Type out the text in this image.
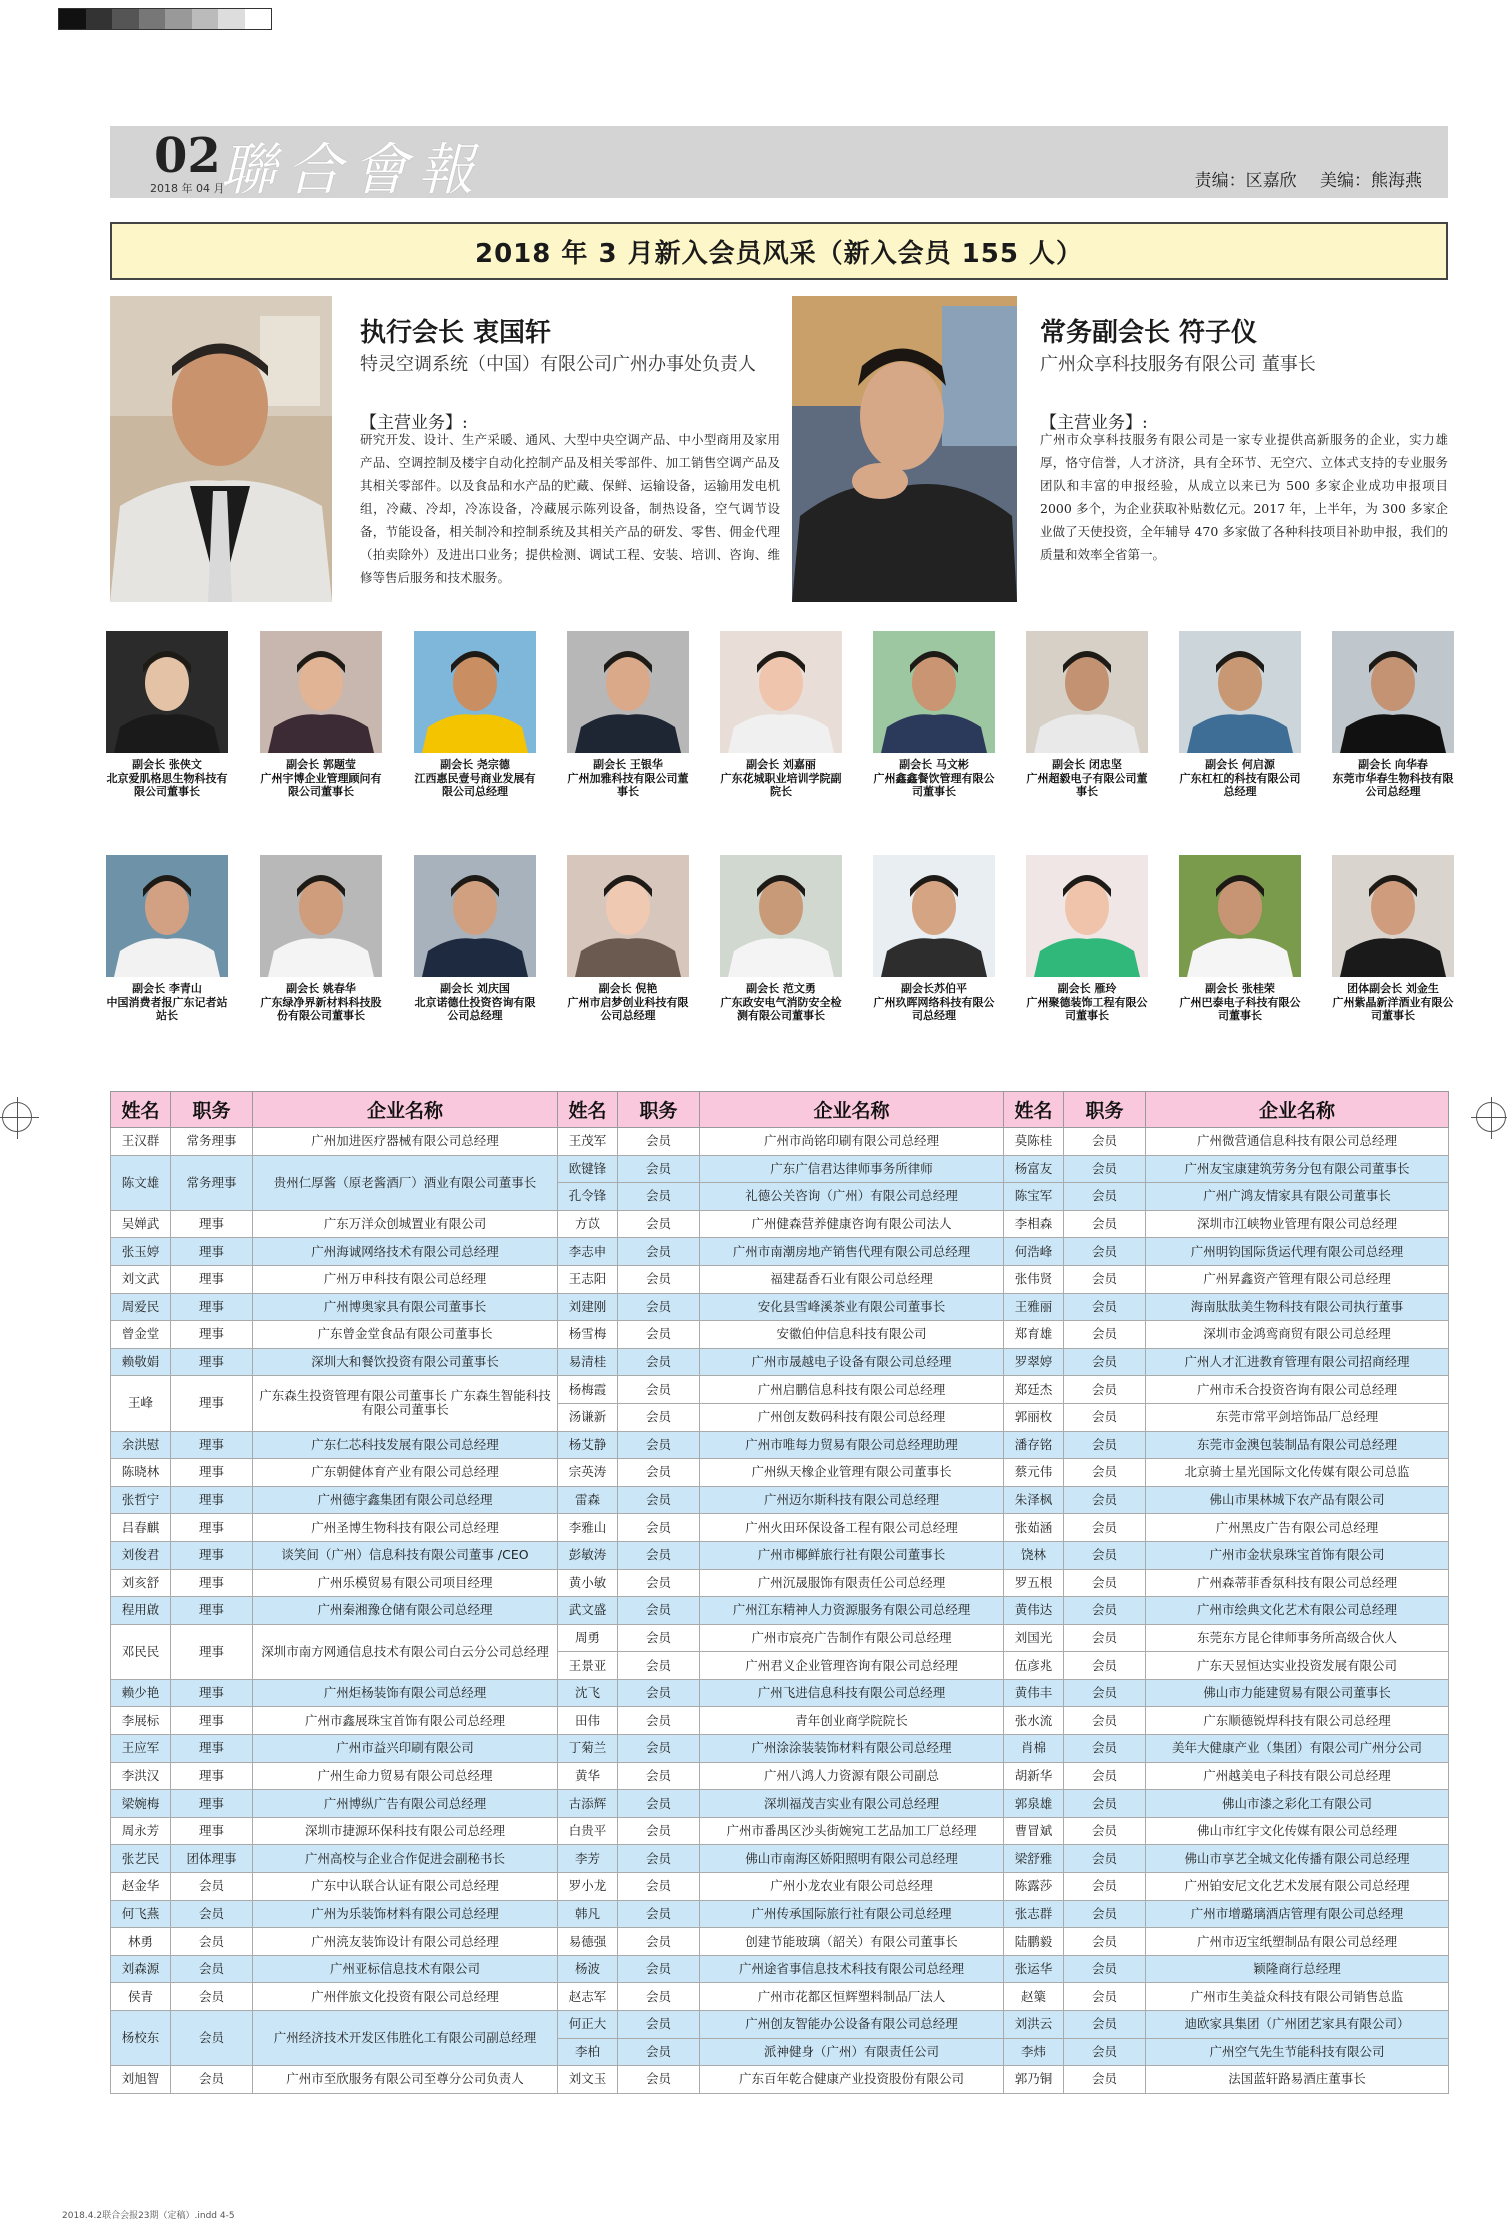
02
2018 年 04 月
聯合會報	责编：区嘉欣 美编：熊海燕
2018 年 3 月新入会员风采（新入会员 155 人）
执行会长 衷国轩
特灵空调系统（中国）有限公司广州办事处负责人
【主营业务】:
研究开发、设计、生产采暖、通风、大型中央空调产品、中小型商用及家用产品、空调控制及楼宇自动化控制产品及相关零部件、加工销售空调产品及其相关零部件。以及食品和水产品的贮藏、保鲜、运输设备，运输用发电机组，冷藏、冷却，冷冻设备，冷藏展示陈列设备，制热设备，空气调节设备，节能设备，相关制冷和控制系统及其相关产品的研发、零售、佣金代理（拍卖除外）及进出口业务；提供检测、调试工程、安装、培训、咨询、维修等售后服务和技术服务。
常务副会长 符子仪
广州众享科技服务有限公司 董事长
【主营业务】:
广州市众享科技服务有限公司是一家专业提供高新服务的企业，实力雄厚，恪守信誉，人才济济，具有全环节、无空穴、立体式支持的专业服务团队和丰富的申报经验，从成立以来已为 500 多家企业成功申报项目 2000 多个，为企业获取补贴数亿元。2017 年，上半年，为 300 多家企业做了天使投资，全年辅导 470 多家做了各种科技项目补助申报，我们的质量和效率全省第一。
副会长 张侠文
北京爱肌格思生物科技有限公司董事长
副会长 郭题莹
广州宇博企业管理顾问有限公司董事长
副会长 尧宗德
江西惠民壹号商业发展有限公司总经理
副会长 王银华
广州加雅科技有限公司董事长
副会长 刘嘉丽
广东花城职业培训学院副院长
副会长 马文彬
广州鑫鑫餐饮管理有限公司董事长
副会长 闭忠坚
广州超毅电子有限公司董事长
副会长 何启源
广东杠杠的科技有限公司总经理
副会长 向华春
东莞市华春生物科技有限公司总经理
副会长 李青山
中国消费者报广东记者站站长
副会长 姚春华
广东绿净界新材料科技股份有限公司董事长
副会长 刘庆国
北京诺德仕投资咨询有限公司总经理
副会长 倪艳
广州市启梦创业科技有限公司总经理
副会长 范文勇
广东政安电气消防安全检测有限公司董事长
副会长苏伯平
广州玖晖网络科技有限公司总经理
副会长 雁玲
广州聚德装饰工程有限公司董事长
副会长 张桂荣
广州巴泰电子科技有限公司董事长
团体副会长 刘金生
广州紫晶新洋酒业有限公司董事长
姓名	职务	企业名称	姓名	职务	企业名称	姓名	职务	企业名称
王汉群	常务理事	广州加进医疗器械有限公司总经理	王茂军	会员	广州市尚铭印刷有限公司总经理	莫陈桂	会员	广州微营通信息科技有限公司总经理
陈文雄	常务理事	贵州仁厚酱（原老酱酒厂）酒业有限公司董事长	欧键锋	会员	广东广信君达律师事务所律师	杨富友	会员	广州友宝康建筑劳务分包有限公司董事长
			孔令锋	会员	礼德公关咨询（广州）有限公司总经理	陈宝军	会员	广州广鸿友情家具有限公司董事长
吴婵武	理事	广东万洋众创城置业有限公司	方苡	会员	广州健森营养健康咨询有限公司法人	李相森	会员	深圳市江峡物业管理有限公司总经理
张玉婷	理事	广州海诚网络技术有限公司总经理	李志申	会员	广州市南潮房地产销售代理有限公司总经理	何浩峰	会员	广州明钧国际货运代理有限公司总经理
刘文武	理事	广州万申科技有限公司总经理	王志阳	会员	福建磊香石业有限公司总经理	张伟贤	会员	广州昇鑫资产管理有限公司总经理
周爱民	理事	广州博奥家具有限公司董事长	刘建刚	会员	安化县雪峰溪茶业有限公司董事长	王雅丽	会员	海南肽肽美生物科技有限公司执行董事
曾金堂	理事	广东曾金堂食品有限公司董事长	杨雪梅	会员	安徽伯仲信息科技有限公司	郑育雄	会员	深圳市金鸿鸾商贸有限公司总经理
赖敬娟	理事	深圳大和餐饮投资有限公司董事长	易清桂	会员	广州市晟越电子设备有限公司总经理	罗翠婷	会员	广州人才汇进教育管理有限公司招商经理
王峰	理事	广东森生投资管理有限公司董事长 广东森生智能科技有限公司董事长	杨梅霞	会员	广州启鹏信息科技有限公司总经理	郑廷杰	会员	广州市禾合投资咨询有限公司总经理
			汤谦新	会员	广州创友数码科技有限公司总经理	郭丽枚	会员	东莞市常平剑培饰品厂总经理
余洪慰	理事	广东仁芯科技发展有限公司总经理	杨艾静	会员	广州市唯每力贸易有限公司总经理助理	潘存铭	会员	东莞市金澳包装制品有限公司总经理
陈晓林	理事	广东朝健体育产业有限公司总经理	宗英涛	会员	广州纵天橡企业管理有限公司董事长	蔡元伟	会员	北京骑士星光国际文化传媒有限公司总监
张哲宁	理事	广州德宇鑫集团有限公司总经理	雷森	会员	广州迈尔斯科技有限公司总经理	朱泽枫	会员	佛山市果林城下农产品有限公司
吕春麒	理事	广州圣博生物科技有限公司总经理	李雅山	会员	广州火田环保设备工程有限公司总经理	张茹涵	会员	广州黑皮广告有限公司总经理
刘俊君	理事	谈笑间（广州）信息科技有限公司董事 /CEO	彭敏涛	会员	广州市椰鲜旅行社有限公司董事长	饶林	会员	广州市金状泉珠宝首饰有限公司
刘亥舒	理事	广州乐模贸易有限公司项目经理	黄小敏	会员	广州沉晟服饰有限责任公司总经理	罗五根	会员	广州森蒂菲香氛科技有限公司总经理
程用啟	理事	广州秦湘豫仓储有限公司总经理	武文盛	会员	广州江东精神人力资源服务有限公司总经理	黄伟达	会员	广州市绘典文化艺术有限公司总经理
邓民民	理事	深圳市南方网通信息技术有限公司白云分公司总经理	周勇	会员	广州市宸亮广告制作有限公司总经理	刘国光	会员	东莞东方昆仑律师事务所高级合伙人
			王景亚	会员	广州君义企业管理咨询有限公司总经理	伍彦兆	会员	广东天昱恒达实业投资发展有限公司
赖少艳	理事	广州炬杨装饰有限公司总经理	沈飞	会员	广州飞进信息科技有限公司总经理	黄伟丰	会员	佛山市力能建贸易有限公司董事长
李展标	理事	广州市鑫展珠宝首饰有限公司总经理	田伟	会员	青年创业商学院院长	张水流	会员	广东顺德锐焊科技有限公司总经理
王应军	理事	广州市益兴印刷有限公司	丁菊兰	会员	广州涂涂装装饰材料有限公司总经理	肖棉	会员	美年大健康产业（集团）有限公司广州分公司
李洪汉	理事	广州生命力贸易有限公司总经理	黄华	会员	广州八鸿人力资源有限公司副总	胡新华	会员	广州越美电子科技有限公司总经理
梁婉梅	理事	广州博纵广告有限公司总经理	古添辉	会员	深圳福茂吉实业有限公司总经理	郭泉雄	会员	佛山市漆之彩化工有限公司
周永芳	理事	深圳市捷源环保科技有限公司总经理	白贵平	会员	广州市番禺区沙头街婉宛工艺品加工厂总经理	曹冒斌	会员	佛山市红宇文化传媒有限公司总经理
张艺民	团体理事	广州高校与企业合作促进会副秘书长	李芳	会员	佛山市南海区娇阳照明有限公司总经理	梁舒雅	会员	佛山市享艺全城文化传播有限公司总经理
赵金华	会员	广东中认联合认证有限公司总经理	罗小龙	会员	广州小龙农业有限公司总经理	陈露莎	会员	广州铂安尼文化艺术发展有限公司总经理
何飞燕	会员	广州为乐装饰材料有限公司总经理	韩凡	会员	广州传承国际旅行社有限公司总经理	张志群	会员	广州市增璐璃酒店管理有限公司总经理
林勇	会员	广州湸友装饰设计有限公司总经理	易德强	会员	创建节能玻璃（韶关）有限公司董事长	陆鹏毅	会员	广州市迈宝纸塑制品有限公司总经理
刘森源	会员	广州亚标信息技术有限公司	杨波	会员	广州途省事信息技术科技有限公司总经理	张运华	会员	颖隆商行总经理
侯青	会员	广州伴旅文化投资有限公司总经理	赵志军	会员	广州市花都区恒辉塑料制品厂法人	赵篥	会员	广州市生美益众科技有限公司销售总监
杨校东	会员	广州经济技术开发区伟胜化工有限公司副总经理	何正大	会员	广州创友智能办公设备有限公司总经理	刘洪云	会员	迪欧家具集团（广州团艺家具有限公司）
			李柏	会员	派神健身（广州）有限责任公司	李炜	会员	广州空气先生节能科技有限公司
刘旭智	会员	广州市至欣服务有限公司至尊分公司负责人	刘文玉	会员	广东百年乾合健康产业投资股份有限公司	郭乃铜	会员	法国蓝轩路易酒庄董事长
2018.4.2联合会报23期（定稿）.indd 4-5
